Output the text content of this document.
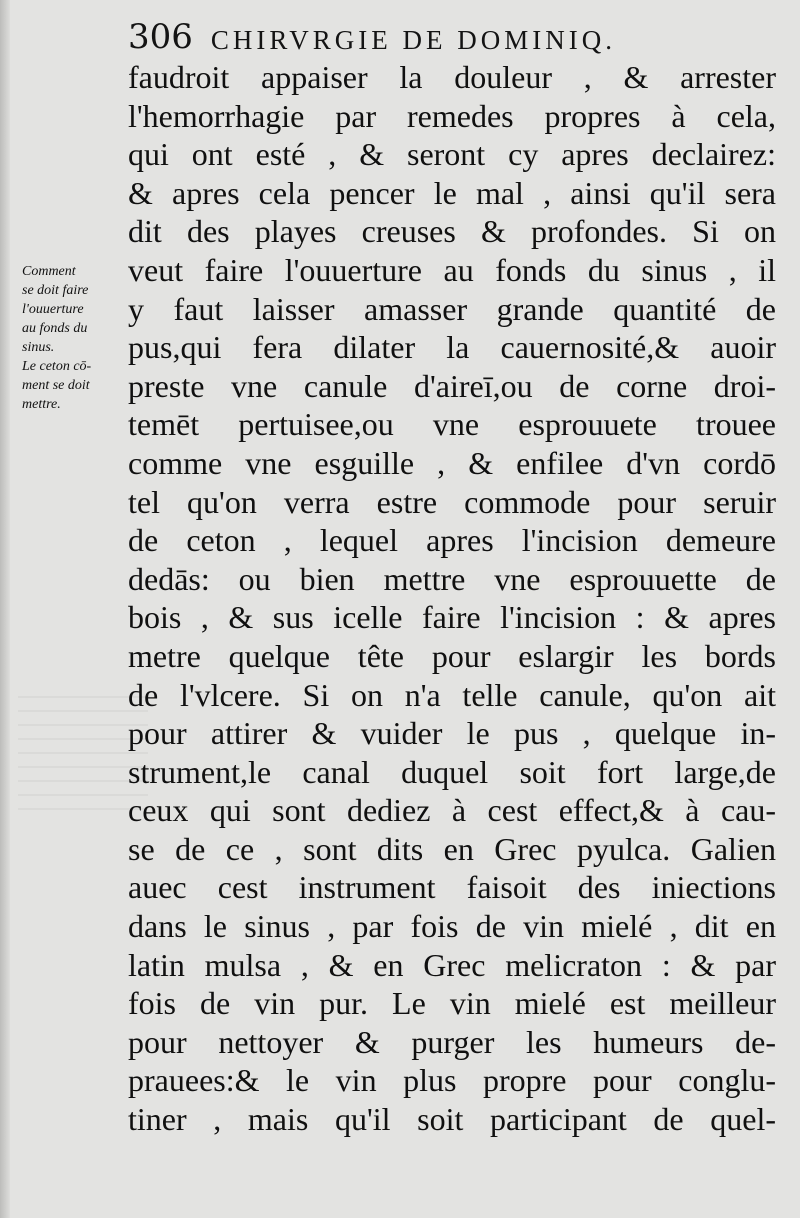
306 CHIRVRGIE DE DOMINIQ.
Comment
se doit faire
l'ouuerture
au fonds du
sinus.
Le ceton cō-
ment se doit
mettre.
faudroit appaiser la douleur , & arrester
l'hemorrhagie par remedes propres à cela,
qui ont esté , & seront cy apres declairez:
& apres cela pencer le mal , ainsi qu'il sera
dit des playes creuses & profondes. Si on
veut faire l'ouuerture au fonds du sinus , il
y faut laisser amasser grande quantité de
pus,qui fera dilater la cauernosité,& auoir
preste vne canule d'aireī,ou de corne droi-
temēt pertuisee,ou vne esprouuete trouee
comme vne esguille , & enfilee d'vn cordō
tel qu'on verra estre commode pour seruir
de ceton , lequel apres l'incision demeure
dedās: ou bien mettre vne esprouuette de
bois , & sus icelle faire l'incision : & apres
metre quelque tête pour eslargir les bords
de l'vlcere. Si on n'a telle canule, qu'on ait
pour attirer & vuider le pus , quelque in-
strument,le canal duquel soit fort large,de
ceux qui sont dediez à cest effect,& à cau-
se de ce , sont dits en Grec pyulca. Galien
auec cest instrument faisoit des iniections
dans le sinus , par fois de vin mielé , dit en
latin mulsa , & en Grec melicraton : & par
fois de vin pur. Le vin mielé est meilleur
pour nettoyer & purger les humeurs de-
prauees:& le vin plus propre pour conglu-
tiner , mais qu'il soit participant de quel-
